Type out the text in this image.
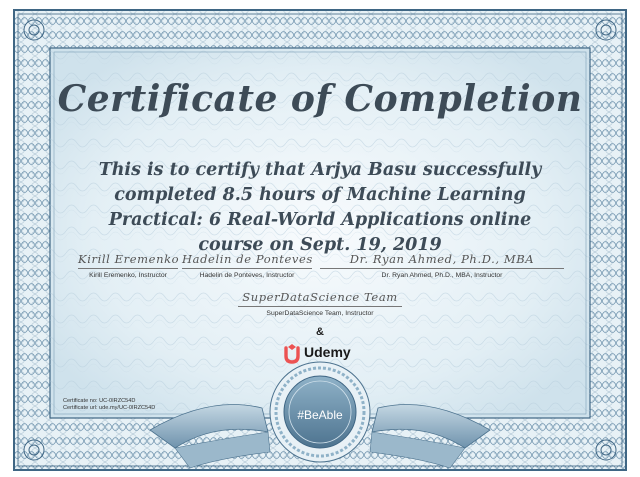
Certificate of Completion
This is to certify that Arjya Basu successfully
completed 8.5 hours of Machine Learning
Practical: 6 Real-World Applications online
course on Sept. 19, 2019
Kirill Eremenko
Kirill Eremenko, Instructor
Hadelin de Ponteves
Hadelin de Ponteves, Instructor
Dr. Ryan Ahmed, Ph.D., MBA
Dr. Ryan Ahmed, Ph.D., MBA, Instructor
SuperDataScience Team
SuperDataScience Team, Instructor
&
Udemy
Certificate no: UC-0IRZC54D
Certificate url: ude.my/UC-0IRZC54D	#BeAble
